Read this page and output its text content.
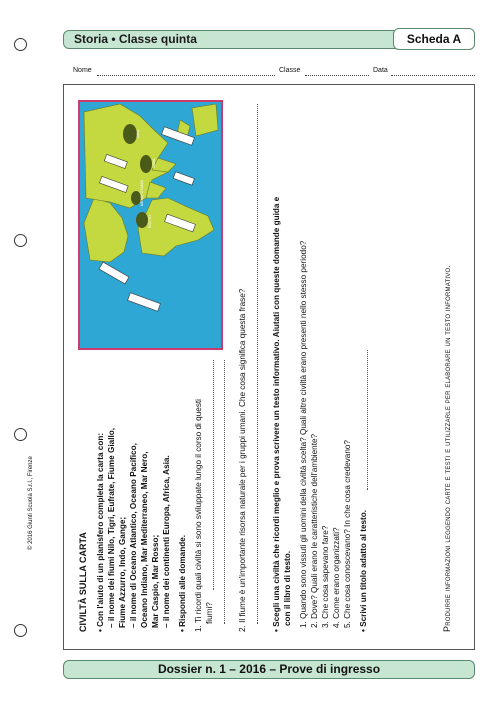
Storia • Classe quinta	Scheda A
Nome	Classe	Data
© 2016 Giunti Scuola S.r.l., Firenze
CIVILTÀ SULLA CARTA • Con l'aiuto di un planisfero completa la carta con: – il nome dei fiumi Nilo, Tigri, Eufrate, Fiume Giallo, Fiume Azzurro, Indo, Gange; – il nome di Oceano Atlantico, Oceano Pacifico, Oceano Indiano, Mar Mediterraneo, Mar Nero, Mar Caspio, Mar Rosso; – il nome dei continenti Europa, Africa, Asia. • Rispondi alle domande. 1. Ti ricordi quali civiltà si sono sviluppate lungo il corso di questi fiumi?	2. Il fiume è un'importante risorsa naturale per i gruppi umani. Che cosa significa questa frase?	• Scegli una civiltà che ricordi meglio e prova scrivere un testo informativo. Aiutati con queste domande guida e con il libro di testo. 1. Quando sono vissuti gli uomini della civiltà scelta? Quali altre civiltà erano presenti nello stesso periodo? 2. Dove? Quali erano le caratteristiche dell'ambiente? 3. Che cosa sapevano fare? 4. Come erano organizzati? 5. Che cosa conoscevano? In che cosa credevano? • Scrivi un titolo adatto al testo.	Produrre informazioni leggendo carte e testi e utilizzarle per elaborare un testo informativo.
MESOPOTAMIA
EGITTO
INDIA
CINA
Dossier n. 1 – 2016 – Prove di ingresso
